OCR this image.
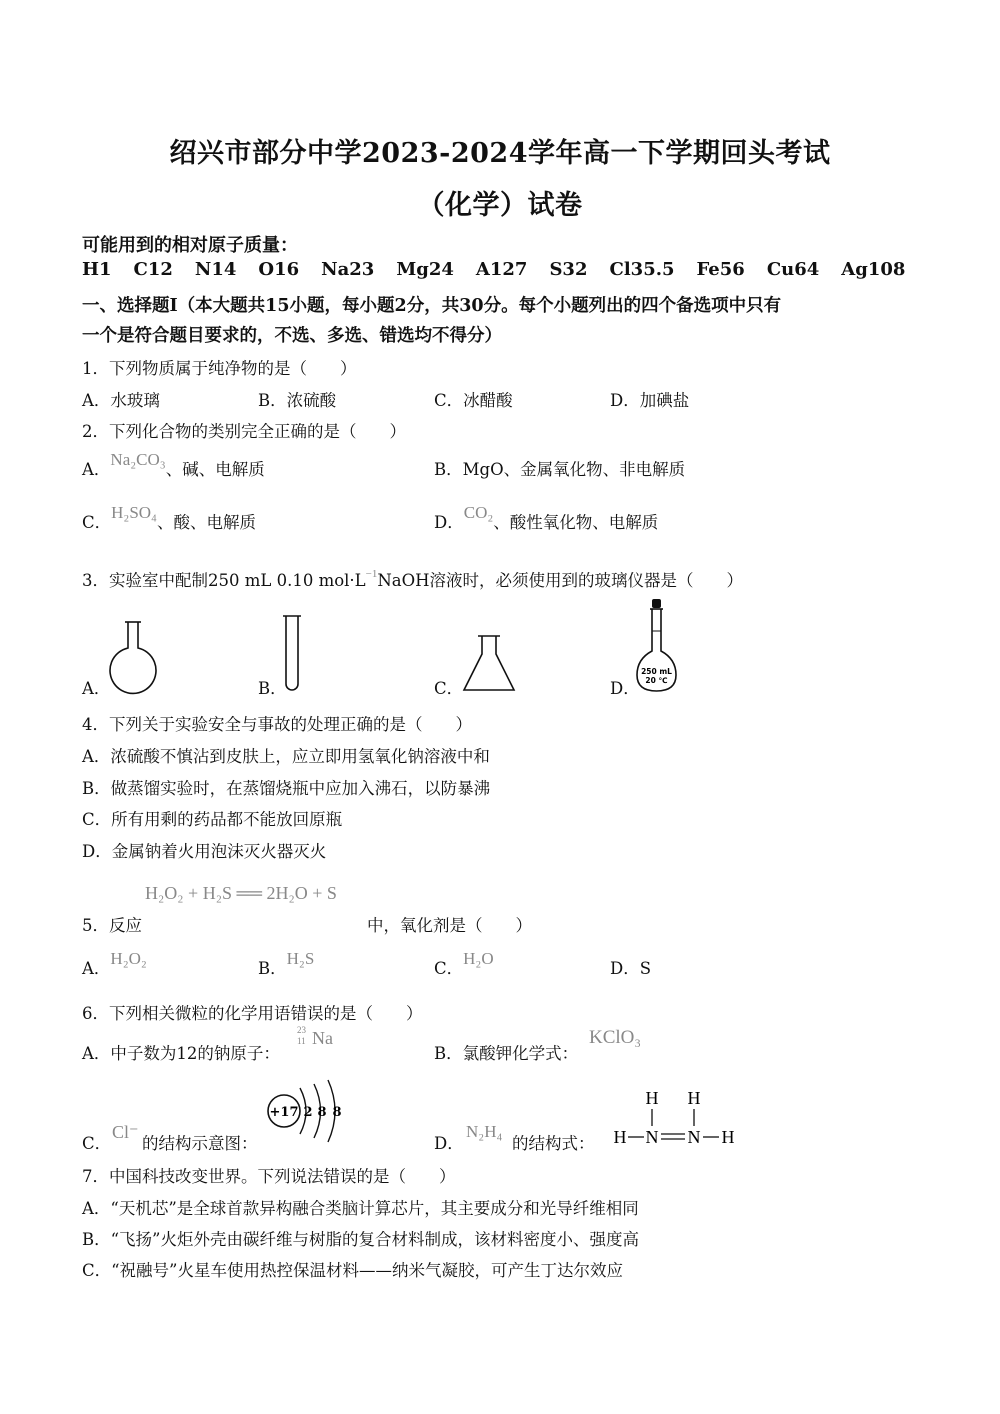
绍兴市部分中学2023-2024学年高一下学期回头考试
（化学）试卷
可能用到的相对原子质量：
H1 C12 N14 O16 Na23 Mg24 A127 S32 Cl35.5 Fe56 Cu64 Ag108
一、选择题Ⅰ（本大题共15小题，每小题2分，共30分。每个小题列出的四个备选项中只有
一个是符合题目要求的，不选、多选、错选均不得分）
1．下列物质属于纯净物的是（　　）
A．水玻璃	B．浓硫酸	C．冰醋酸	D．加碘盐
2．下列化合物的类别完全正确的是（　　）
A．Na₂CO₃、碱、电解质	B．MgO、金属氧化物、非电解质
C．H₂SO₄、酸、电解质	D．CO₂、酸性氧化物、电解质
3．实验室中配制250 mL 0.10 $mol\cdot L^{-1}NaOH$溶液时，必须使用到的玻璃仪器是（　　）
A．	B．	C．	D．
250 mL
20 ℃
4．下列关于实验安全与事故的处理正确的是（　　）
A．浓硫酸不慎沾到皮肤上，应立即用氢氧化钠溶液中和
B．做蒸馏实验时，在蒸馏烧瓶中应加入沸石，以防暴沸
C．所有用剩的药品都不能放回原瓶
D．金属钠着火用泡沫灭火器灭火
H₂O₂ + H₂S ══ 2H₂O + S
5．反应	中，氧化剂是（　　）
A．H₂O₂
B．H₂S
C．H₂O
D．S
6．下列相关微粒的化学用语错误的是（　　）
A．中子数为12的钠原子：
23
11 Na
B．氯酸钾化学式：
KClO₃
C．
Cl⁻
的结构示意图：
+17 2 8 8
D．
N₂H₄
的结构式：
H H
H N N H
7．中国科技改变世界。下列说法错误的是（　　）
A．“天机芯”是全球首款异构融合类脑计算芯片，其主要成分和光导纤维相同
B．“飞扬”火炬外壳由碳纤维与树脂的复合材料制成，该材料密度小、强度高
C．“祝融号”火星车使用热控保温材料——纳米气凝胶，可产生丁达尔效应
